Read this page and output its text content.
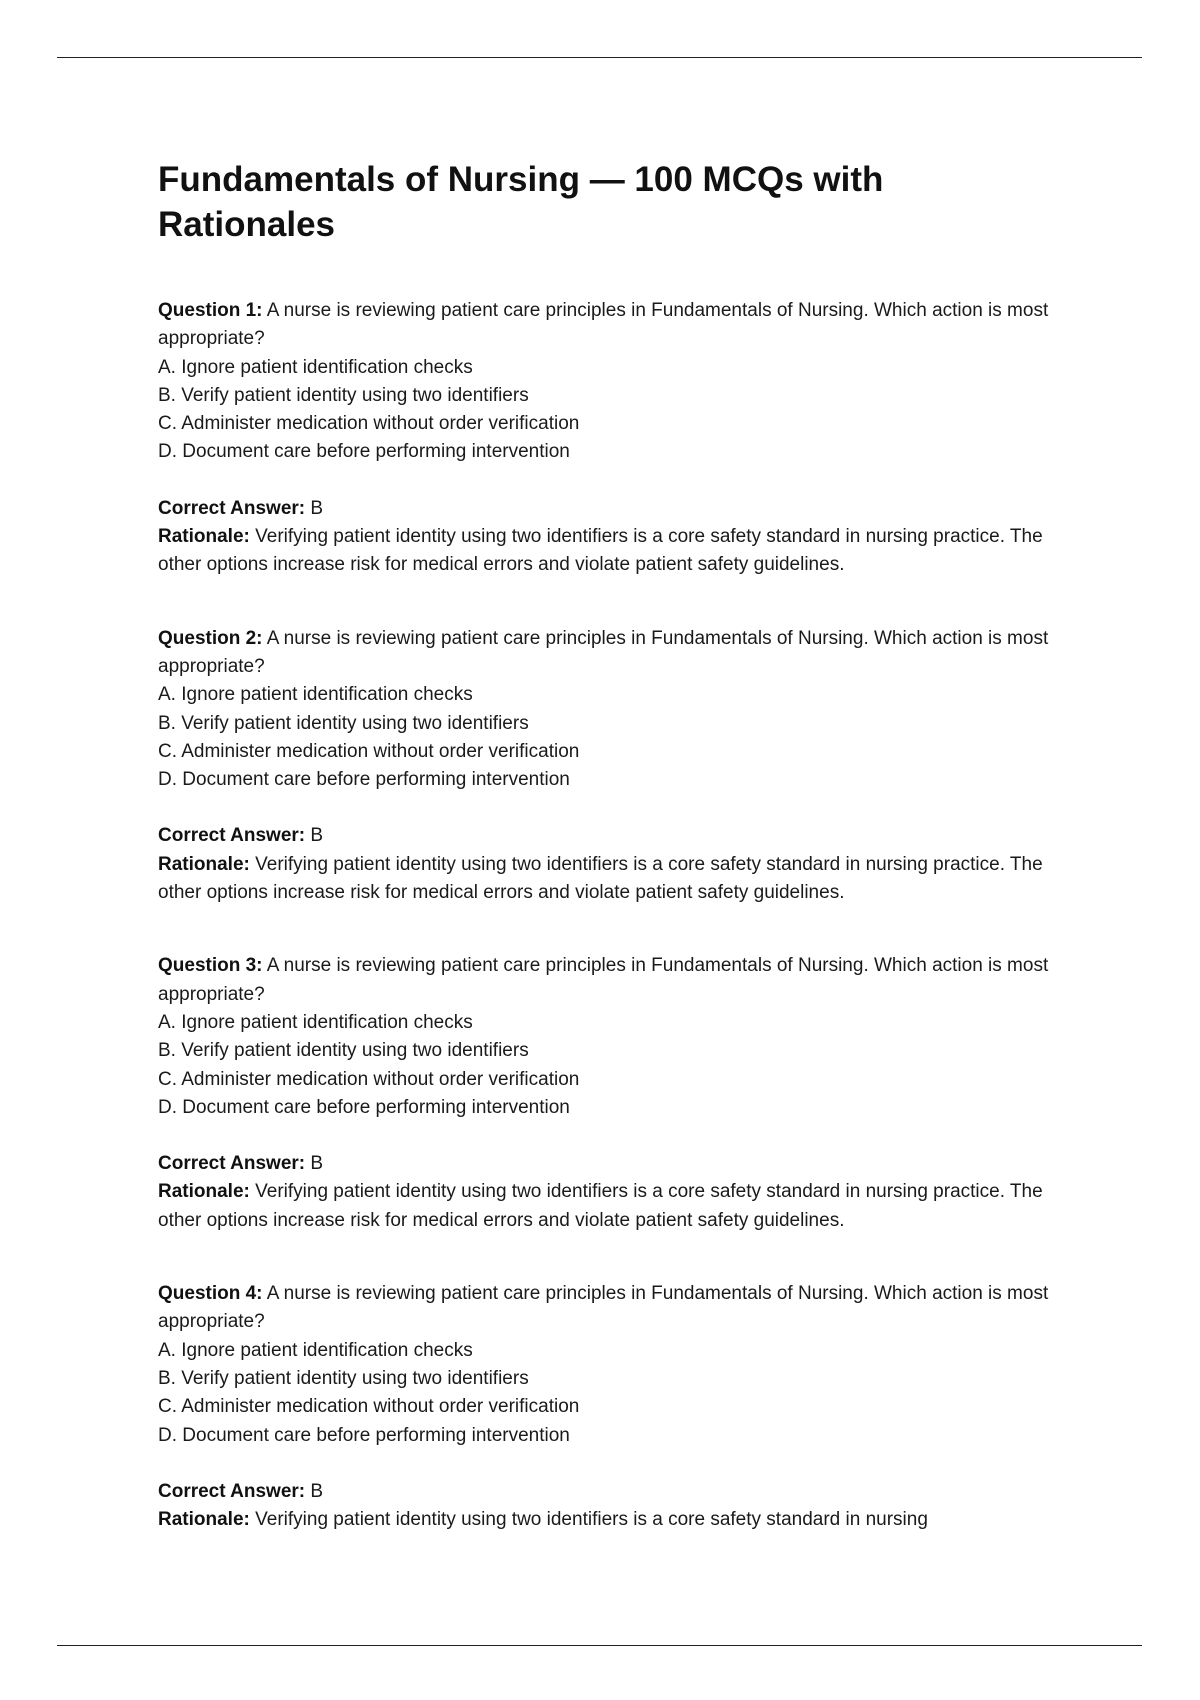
Fundamentals of Nursing — 100 MCQs with Rationales

Question 1: A nurse is reviewing patient care principles in Fundamentals of Nursing. Which action is most appropriate?

A. Ignore patient identification checks
B. Verify patient identity using two identifiers
C. Administer medication without order verification
D. Document care before performing intervention

Correct Answer: B

Rationale: Verifying patient identity using two identifiers is a core safety standard in nursing practice. The other options increase risk for medical errors and violate patient safety guidelines.

Question 2: A nurse is reviewing patient care principles in Fundamentals of Nursing. Which action is most appropriate?

A. Ignore patient identification checks
B. Verify patient identity using two identifiers
C. Administer medication without order verification
D. Document care before performing intervention

Correct Answer: B

Rationale: Verifying patient identity using two identifiers is a core safety standard in nursing practice. The other options increase risk for medical errors and violate patient safety guidelines.

Question 3: A nurse is reviewing patient care principles in Fundamentals of Nursing. Which action is most appropriate?

A. Ignore patient identification checks
B. Verify patient identity using two identifiers
C. Administer medication without order verification
D. Document care before performing intervention

Correct Answer: B

Rationale: Verifying patient identity using two identifiers is a core safety standard in nursing practice. The other options increase risk for medical errors and violate patient safety guidelines.

Question 4: A nurse is reviewing patient care principles in Fundamentals of Nursing. Which action is most appropriate?

A. Ignore patient identification checks
B. Verify patient identity using two identifiers
C. Administer medication without order verification
D. Document care before performing intervention

Correct Answer: B

Rationale: Verifying patient identity using two identifiers is a core safety standard in nursing
